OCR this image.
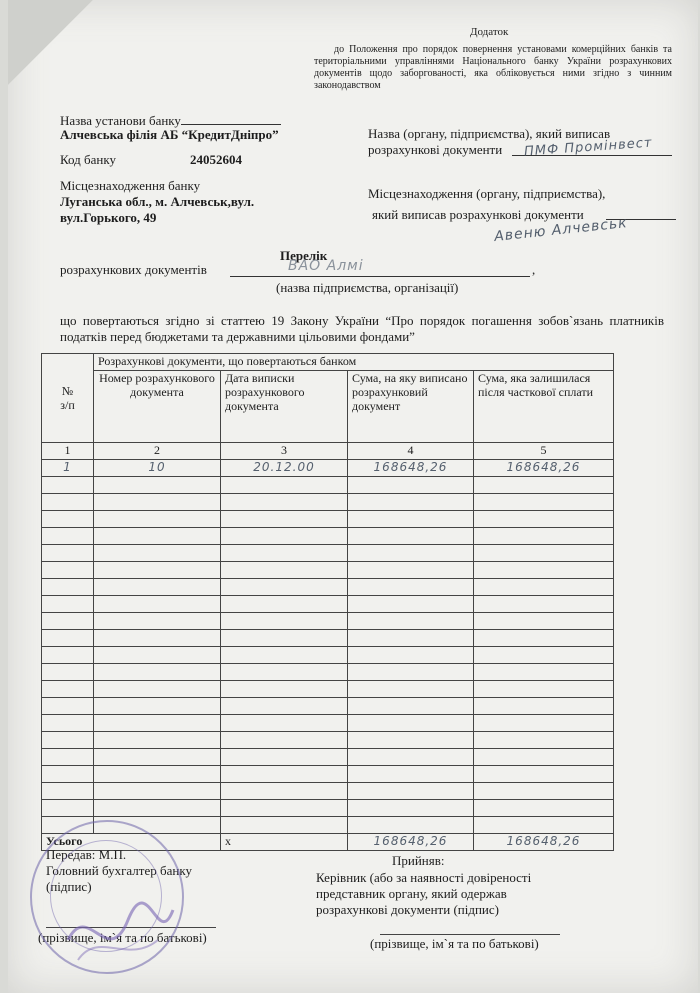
Додаток
до Положення про порядок повернення установами комерційних банків та територіальними управліннями Національного банку України розрахункових документів щодо заборгованості, яка обліковується ними згідно з чинним законодавством
Назва установи банку
Алчевська філія АБ “КредитДніпро”
Код банку	24052604
Місцезнаходження банку
Луганська обл., м. Алчевськ,вул.
вул.Горького, 49
Назва (органу, підприємства), який виписав
розрахункові документи ПМФ Промінвест
Місцезнаходження (органу, підприємства),
який виписав розрахункові документи
Авеню Алчевськ
Перелік
розрахункових документів	,
ВАО Алмі
(назва підприємства, організації)
що повертаються згідно зі статтею 19 Закону України “Про порядок погашення зобов`язань платників податків перед бюджетами та державними цільовими фондами”
№
з/п	Розрахункові документи, що повертаються банком			
	Номер розрахункового документа	Дата виписки розрахункового документа	Сума, на яку виписано розрахунковий документ	Сума, яка залишилася після часткової сплати
1	2	3	4	5
1	10	20.12.00	168648,26	168648,26

Усього		x	168648,26	168648,26
Передав: М.П.
Головний бухгалтер банку
(підпис)
(прізвище, ім`я та по батькові)
Прийняв:
Керівник (або за наявності довіреності
представник органу, який одержав
розрахункові документи (підпис)
(прізвище, ім`я та по батькові)
